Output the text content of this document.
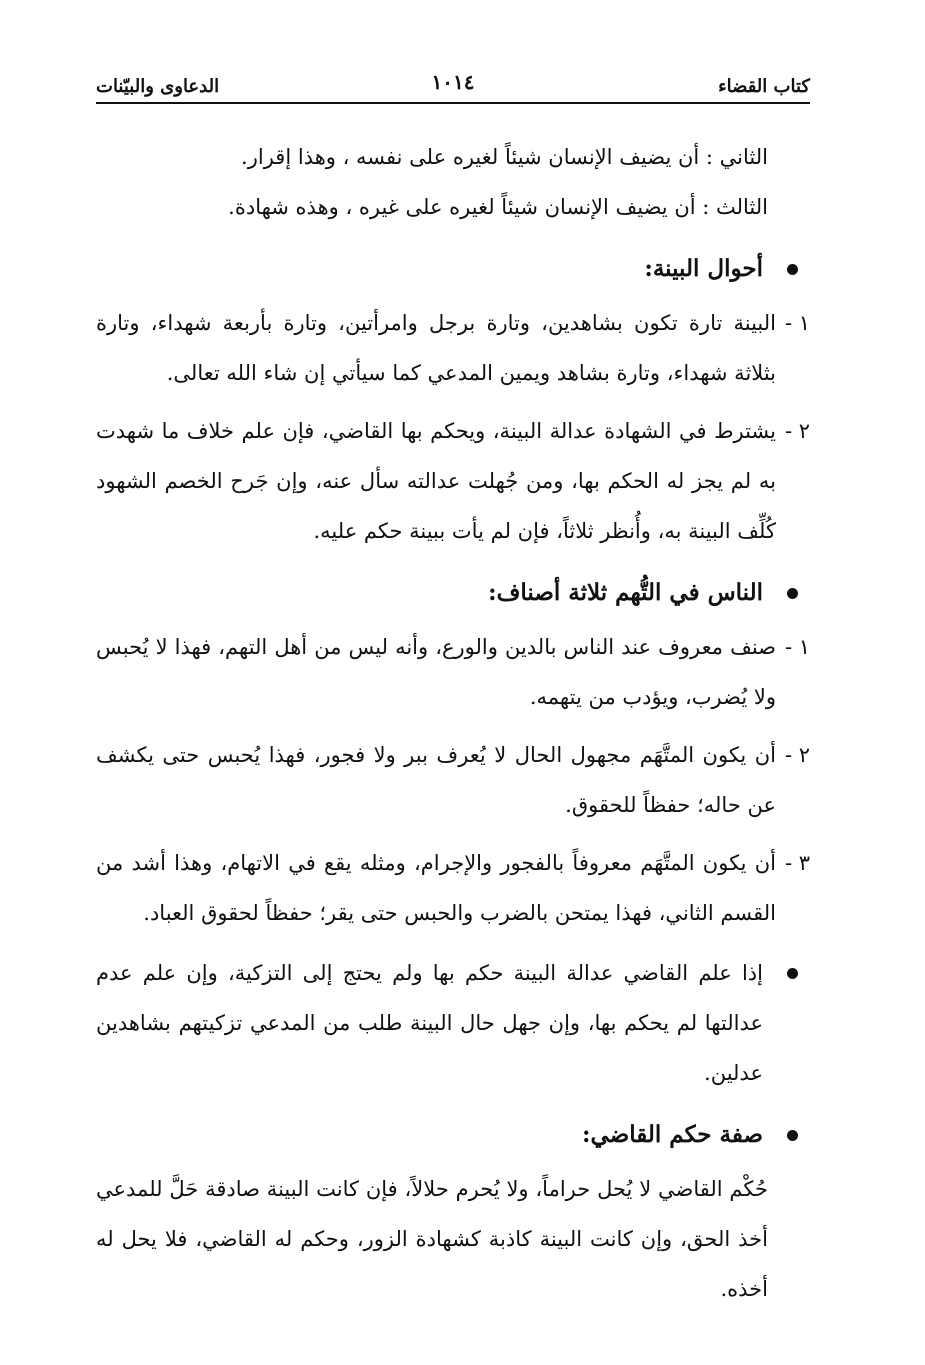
كتاب القضاء
١٠١٤
الدعاوى والبيّنات

الثاني : أن يضيف الإنسان شيئاً لغيره على نفسه ، وهذا إقرار.

الثالث : أن يضيف الإنسان شيئاً لغيره على غيره ، وهذه شهادة.

أحوال البينة:

١ -
البينة تارة تكون بشاهدين، وتارة برجل وامرأتين، وتارة بأربعة شهداء، وتارة بثلاثة شهداء، وتارة بشاهد ويمين المدعي كما سيأتي إن شاء الله تعالى.

٢ -
يشترط في الشهادة عدالة البينة، ويحكم بها القاضي، فإن علم خلاف ما شهدت به لم يجز له الحكم بها، ومن جُهلت عدالته سأل عنه، وإن جَرح الخصم الشهود كُلِّف البينة به، وأُنظر ثلاثاً، فإن لم يأت ببينة حكم عليه.

الناس في التُّهم ثلاثة أصناف:

١ -
صنف معروف عند الناس بالدين والورع، وأنه ليس من أهل التهم، فهذا لا يُحبس ولا يُضرب، ويؤدب من يتهمه.

٢ -
أن يكون المتَّهَم مجهول الحال لا يُعرف ببر ولا فجور، فهذا يُحبس حتى يكشف عن حاله؛ حفظاً للحقوق.

٣ -
أن يكون المتَّهَم معروفاً بالفجور والإجرام، ومثله يقع في الاتهام، وهذا أشد من القسم الثاني، فهذا يمتحن بالضرب والحبس حتى يقر؛ حفظاً لحقوق العباد.

إذا علم القاضي عدالة البينة حكم بها ولم يحتج إلى التزكية، وإن علم عدم عدالتها لم يحكم بها، وإن جهل حال البينة طلب من المدعي تزكيتهم بشاهدين عدلين.

صفة حكم القاضي:

حُكْم القاضي لا يُحل حراماً، ولا يُحرم حلالاً، فإن كانت البينة صادقة حَلَّ للمدعي أخذ الحق، وإن كانت البينة كاذبة كشهادة الزور، وحكم له القاضي، فلا يحل له أخذه.
